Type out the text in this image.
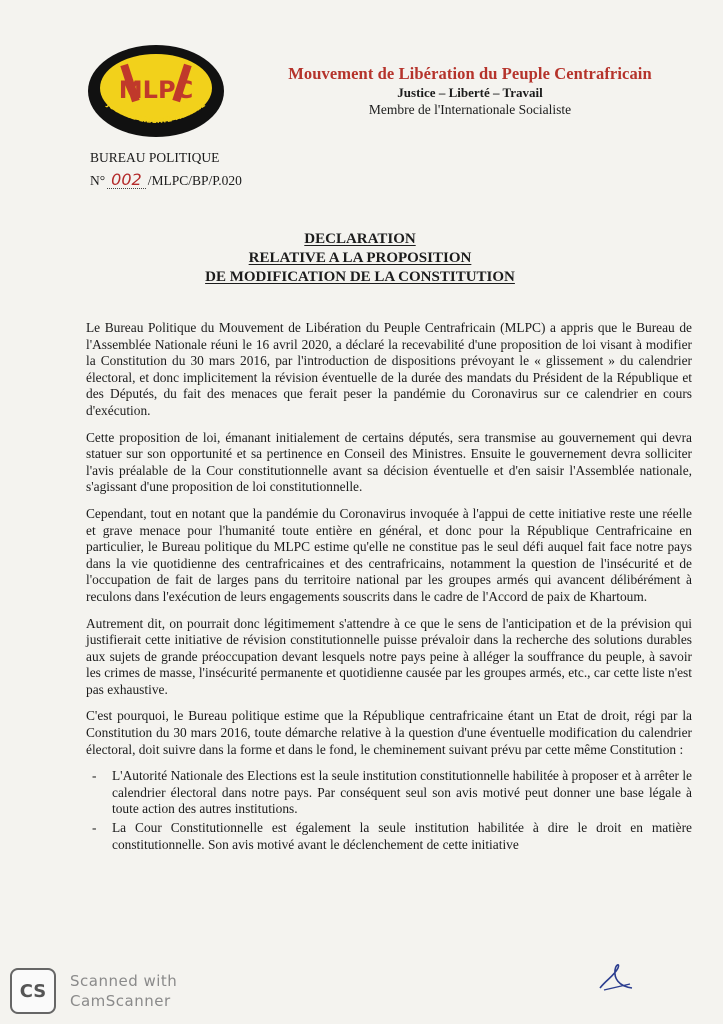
MLPC
JUSTICE-LIBERTE-TRAVAIL
Mouvement de Libération du Peuple Centrafricain
Justice – Liberté – Travail
Membre de l'Internationale Socialiste
BUREAU POLITIQUE
N° 002 /MLPC/BP/P.020
DECLARATION
RELATIVE A LA PROPOSITION
DE MODIFICATION DE LA CONSTITUTION

Le Bureau Politique du Mouvement de Libération du Peuple Centrafricain (MLPC) a appris que le Bureau de l'Assemblée Nationale réuni le 16 avril 2020, a déclaré la recevabilité d'une proposition de loi visant à modifier la Constitution du 30 mars 2016, par l'introduction de dispositions prévoyant le « glissement » du calendrier électoral, et donc implicitement la révision éventuelle de la durée des mandats du Président de la République et des Députés, du fait des menaces que ferait peser la pandémie du Coronavirus sur ce calendrier en cours d'exécution.

Cette proposition de loi, émanant initialement de certains députés, sera transmise au gouvernement qui devra statuer sur son opportunité et sa pertinence en Conseil des Ministres. Ensuite le gouvernement devra solliciter l'avis préalable de la Cour constitutionnelle avant sa décision éventuelle et d'en saisir l'Assemblée nationale, s'agissant d'une proposition de loi constitutionnelle.

Cependant, tout en notant que la pandémie du Coronavirus invoquée à l'appui de cette initiative reste une réelle et grave menace pour l'humanité toute entière en général, et donc pour la République Centrafricaine en particulier, le Bureau politique du MLPC estime qu'elle ne constitue pas le seul défi auquel fait face notre pays dans la vie quotidienne des centrafricaines et des centrafricains, notamment la question de l'insécurité et de l'occupation de fait de larges pans du territoire national par les groupes armés qui avancent délibérément à reculons dans l'exécution de leurs engagements souscrits dans le cadre de l'Accord de paix de Khartoum.

Autrement dit, on pourrait donc légitimement s'attendre à ce que le sens de l'anticipation et de la prévision qui justifierait cette initiative de révision constitutionnelle puisse prévaloir dans la recherche des solutions durables aux sujets de grande préoccupation devant lesquels notre pays peine à alléger la souffrance du peuple, à savoir les crimes de masse, l'insécurité permanente et quotidienne causée par les groupes armés, etc., car cette liste n'est pas exhaustive.

C'est pourquoi, le Bureau politique estime que la République centrafricaine étant un Etat de droit, régi par la Constitution du 30 mars 2016, toute démarche relative à la question d'une éventuelle modification du calendrier électoral, doit suivre dans la forme et dans le fond, le cheminement suivant prévu par cette même Constitution :

- L'Autorité Nationale des Elections est la seule institution constitutionnelle habilitée à proposer et à arrêter le calendrier électoral dans notre pays. Par conséquent seul son avis motivé peut donner une base légale à toute action des autres institutions.
- La Cour Constitutionnelle est également la seule institution habilitée à dire le droit en matière constitutionnelle. Son avis motivé avant le déclenchement de cette initiative
CS	Scanned with
CamScanner
